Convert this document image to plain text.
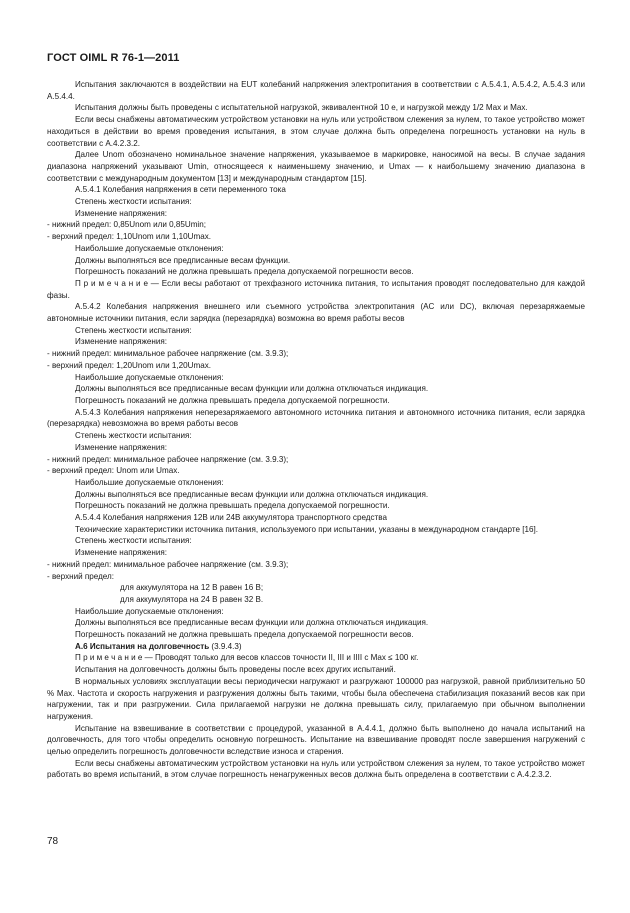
ГОСТ OIML R 76-1—2011

Испытания заключаются в воздействии на EUT колебаний напряжения электропитания в соответствии с A.5.4.1, A.5.4.2, A.5.4.3 или A.5.4.4.

Испытания должны быть проведены с испытательной нагрузкой, эквивалентной 10 e, и нагрузкой между 1/2 Max и Max.

Если весы снабжены автоматическим устройством установки на нуль или устройством слежения за нулем, то такое устройство может находиться в действии во время проведения испытания, в этом случае должна быть определена погрешность установки на нуль в соответствии с A.4.2.3.2.

Далее Unom обозначено номинальное значение напряжения, указываемое в маркировке, наносимой на весы. В случае задания диапазона напряжений указывают Umin, относящееся к наименьшему значению, и Umax — к наибольшему значению диапазона в соответствии с международным документом [13] и международным стандартом [15].

A.5.4.1 Колебания напряжения в сети переменного тока

Степень жесткости испытания:

Изменение напряжения:

- нижний предел: 0,85Unom или 0,85Umin;

- верхний предел: 1,10Unom или 1,10Umax.

Наибольшие допускаемые отклонения:

Должны выполняться все предписанные весам функции.

Погрешность показаний не должна превышать предела допускаемой погрешности весов.

П р и м е ч а н и е — Если весы работают от трехфазного источника питания, то испытания проводят последовательно для каждой фазы.

A.5.4.2 Колебания напряжения внешнего или съемного устройства электропитания (AC или DC), включая перезаряжаемые автономные источники питания, если зарядка (перезарядка) возможна во время работы весов

Степень жесткости испытания:

Изменение напряжения:

- нижний предел: минимальное рабочее напряжение (см. 3.9.3);

- верхний предел: 1,20Unom или 1,20Umax.

Наибольшие допускаемые отклонения:

Должны выполняться все предписанные весам функции или должна отключаться индикация.

Погрешность показаний не должна превышать предела допускаемой погрешности.

A.5.4.3 Колебания напряжения неперезаряжаемого автономного источника питания и автономного источника питания, если зарядка (перезарядка) невозможна во время работы весов

Степень жесткости испытания:

Изменение напряжения:

- нижний предел: минимальное рабочее напряжение (см. 3.9.3);

- верхний предел: Unom или Umax.

Наибольшие допускаемые отклонения:

Должны выполняться все предписанные весам функции или должна отключаться индикация.

Погрешность показаний не должна превышать предела допускаемой погрешности.

A.5.4.4 Колебания напряжения 12В или 24В аккумулятора транспортного средства

Технические характеристики источника питания, используемого при испытании, указаны в международном стандарте [16].

Степень жесткости испытания:

Изменение напряжения:

- нижний предел: минимальное рабочее напряжение (см. 3.9.3);

- верхний предел:

для аккумулятора на 12 В равен 16 В;

для аккумулятора на 24 В равен 32 В.

Наибольшие допускаемые отклонения:

Должны выполняться все предписанные весам функции или должна отключаться индикация.

Погрешность показаний не должна превышать предела допускаемой погрешности весов.

A.6 Испытания на долговечность (3.9.4.3)

П р и м е ч а н и е — Проводят только для весов классов точности II, III и IIII с Max ≤ 100 кг.

Испытания на долговечность должны быть проведены после всех других испытаний.

В нормальных условиях эксплуатации весы периодически нагружают и разгружают 100000 раз нагрузкой, равной приблизительно 50 % Max. Частота и скорость нагружения и разгружения должны быть такими, чтобы была обеспечена стабилизация показаний весов как при нагружении, так и при разгружении. Сила прилагаемой нагрузки не должна превышать силу, прилагаемую при обычном выполнении нагружения.

Испытание на взвешивание в соответствии с процедурой, указанной в A.4.4.1, должно быть выполнено до начала испытаний на долговечность, для того чтобы определить основную погрешность. Испытание на взвешивание проводят после завершения нагружений с целью определить погрешность долговечности вследствие износа и старения.

Если весы снабжены автоматическим устройством установки на нуль или устройством слежения за нулем, то такое устройство может работать во время испытаний, в этом случае погрешность ненагруженных весов должна быть определена в соответствии с A.4.2.3.2.

78
